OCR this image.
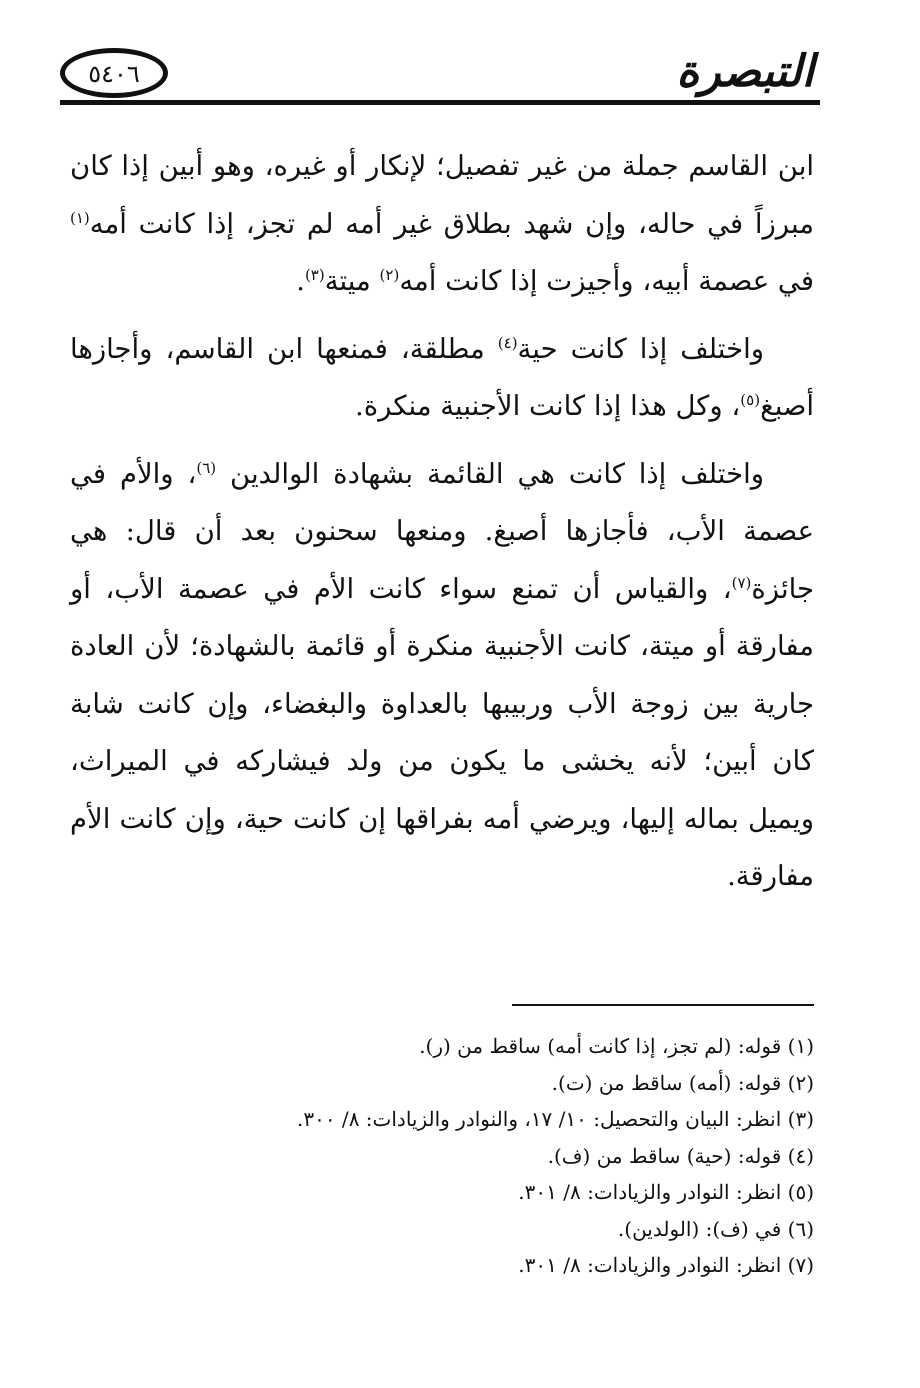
٥٤٠٦	التبصرة

ابن القاسم جملة من غير تفصيل؛ لإنكار أو غيره، وهو أبين إذا كان مبرزاً في حاله، وإن شهد بطلاق غير أمه لم تجز، إذا كانت أمه$^{(١)}$ في عصمة أبيه، وأجيزت إذا كانت أمه$^{(٢)}$ ميتة$^{(٣)}$.

واختلف إذا كانت حية$^{(٤)}$ مطلقة، فمنعها ابن القاسم، وأجازها أصبغ$^{(٥)}$، وكل هذا إذا كانت الأجنبية منكرة.

واختلف إذا كانت هي القائمة بشهادة الوالدين $^{(٦)}$، والأم في عصمة الأب، فأجازها أصبغ. ومنعها سحنون بعد أن قال: هي جائزة$^{(٧)}$، والقياس أن تمنع سواء كانت الأم في عصمة الأب، أو مفارقة أو ميتة، كانت الأجنبية منكرة أو قائمة بالشهادة؛ لأن العادة جارية بين زوجة الأب وربيبها بالعداوة والبغضاء، وإن كانت شابة كان أبين؛ لأنه يخشى ما يكون من ولد فيشاركه في الميراث، ويميل بماله إليها، ويرضي أمه بفراقها إن كانت حية، وإن كانت الأم مفارقة.

(١) قوله: (لم تجز، إذا كانت أمه) ساقط من (ر).
(٢) قوله: (أمه) ساقط من (ت).
(٣) انظر: البيان والتحصيل: ١٠/ ١٧، والنوادر والزيادات: ٨/ ٣٠٠.
(٤) قوله: (حية) ساقط من (ف).
(٥) انظر: النوادر والزيادات: ٨/ ٣٠١.
(٦) في (ف): (الولدين).
(٧) انظر: النوادر والزيادات: ٨/ ٣٠١.
